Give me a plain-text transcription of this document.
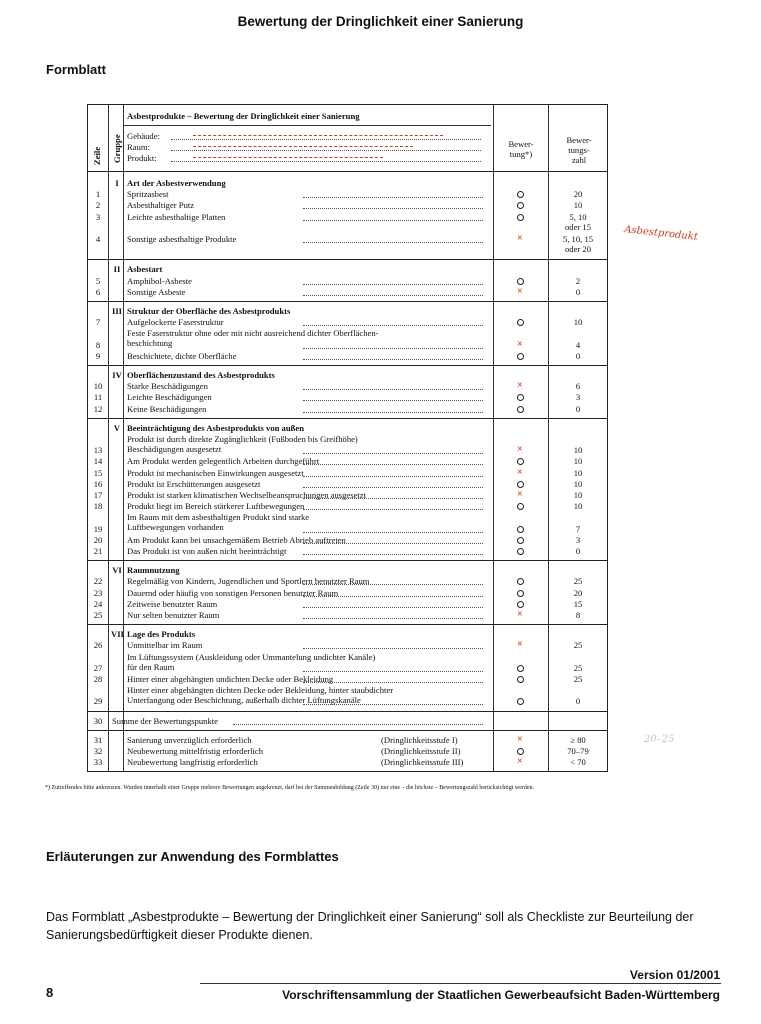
Bewertung der Dringlichkeit einer Sanierung
Formblatt
Asbestprodukte – Bewertung der Dringlichkeit einer Sanierung
Zeile Gruppe	Bewer-
tung*)
Bewer-
tungs-
zahl
Gebäude:
Raum:
Produkt:
I Art der Asbestverwendung
1	Spritzasbest	20
2	Asbesthaltiger Putz	10
3	Leichte asbesthaltige Platten	5, 10
oder 15
4	Sonstige asbesthaltige Produkte	×	5, 10, 15
oder 20
II Asbestart
5	Amphibol-Asbeste	2
6	Sonstige Asbeste	×	0
III Struktur der Oberfläche des Asbestprodukts
7	Aufgelockerte Faserstruktur	10
8
Feste Faserstruktur ohne oder mit nicht ausreichend dichter Oberflächen-
beschichtung	×	4
9	Beschichtete, dichte Oberfläche	0
IV Oberflächenzustand des Asbestprodukts
10	Starke Beschädigungen	×	6
11	Leichte Beschädigungen	3
12	Keine Beschädigungen	0
V Beeinträchtigung des Asbestprodukts von außen
13
Produkt ist durch direkte Zugänglichkeit (Fußboden bis Greifhöhe)
Beschädigungen ausgesetzt	×	10
14	Am Produkt werden gelegentlich Arbeiten durchgeführt	10
15	Produkt ist mechanischen Einwirkungen ausgesetzt	×	10
16	Produkt ist Erschütterungen ausgesetzt	10
17	Produkt ist starken klimatischen Wechselbeanspruchungen ausgesetzt	×	10
18	Produkt liegt im Bereich stärkerer Luftbewegungen	10
19
Im Raum mit dem asbesthaltigen Produkt sind starke
Luftbewegungen vorhanden	7
20	Am Produkt kann bei unsachgemäßem Betrieb Abrieb auftreten	3
21	Das Produkt ist von außen nicht beeinträchtigt	0
VI Raumnutzung
22	Regelmäßig von Kindern, Jugendlichen und Sportlern benutzter Raum	25
23	Dauernd oder häufig von sonstigen Personen benutzter Raum	20
24	Zeitweise benutzter Raum	15
25	Nur selten benutzter Raum	×	8
VII Lage des Produkts
26	Unmittelbar im Raum	×	25
27
Im Lüftungssystem (Auskleidung oder Ummantelung undichter Kanäle)
für den Raum	25
28	Hinter einer abgehängten undichten Decke oder Bekleidung	25
29
Hinter einer abgehängten dichten Decke oder Bekleidung, hinter staubdichter
Unterfangung oder Beschichtung, außerhalb dichter Lüftungskanäle	0
30	Summe der Bewertungspunkte
31	Sanierung unverzüglich erforderlich	(Dringlichkeitsstufe I)	×	≥ 80
32	Neubewertung mittelfristig erforderlich	(Dringlichkeitsstufe II)	70–79
33	Neubewertung langfristig erforderlich	(Dringlichkeitsstufe III)	×	< 70
*) Zutreffendes bitte ankreuzen. Wurden innerhalb einer Gruppe mehrere Bewertungen angekreuzt, darf bei der Summenbildung (Zeile 30) nur eine – die höchste – Bewertungszahl berücksichtigt werden.
Asbestprodukt
20–25
Erläuterungen zur Anwendung des Formblattes
Das Formblatt „Asbestprodukte – Bewertung der Dringlichkeit einer Sanierung“ soll als Checkliste zur Beurteilung der Sanierungsbedürftigkeit dieser Produkte dienen.
Version 01/2001
8	Vorschriftensammlung der Staatlichen Gewerbeaufsicht Baden-Württemberg
